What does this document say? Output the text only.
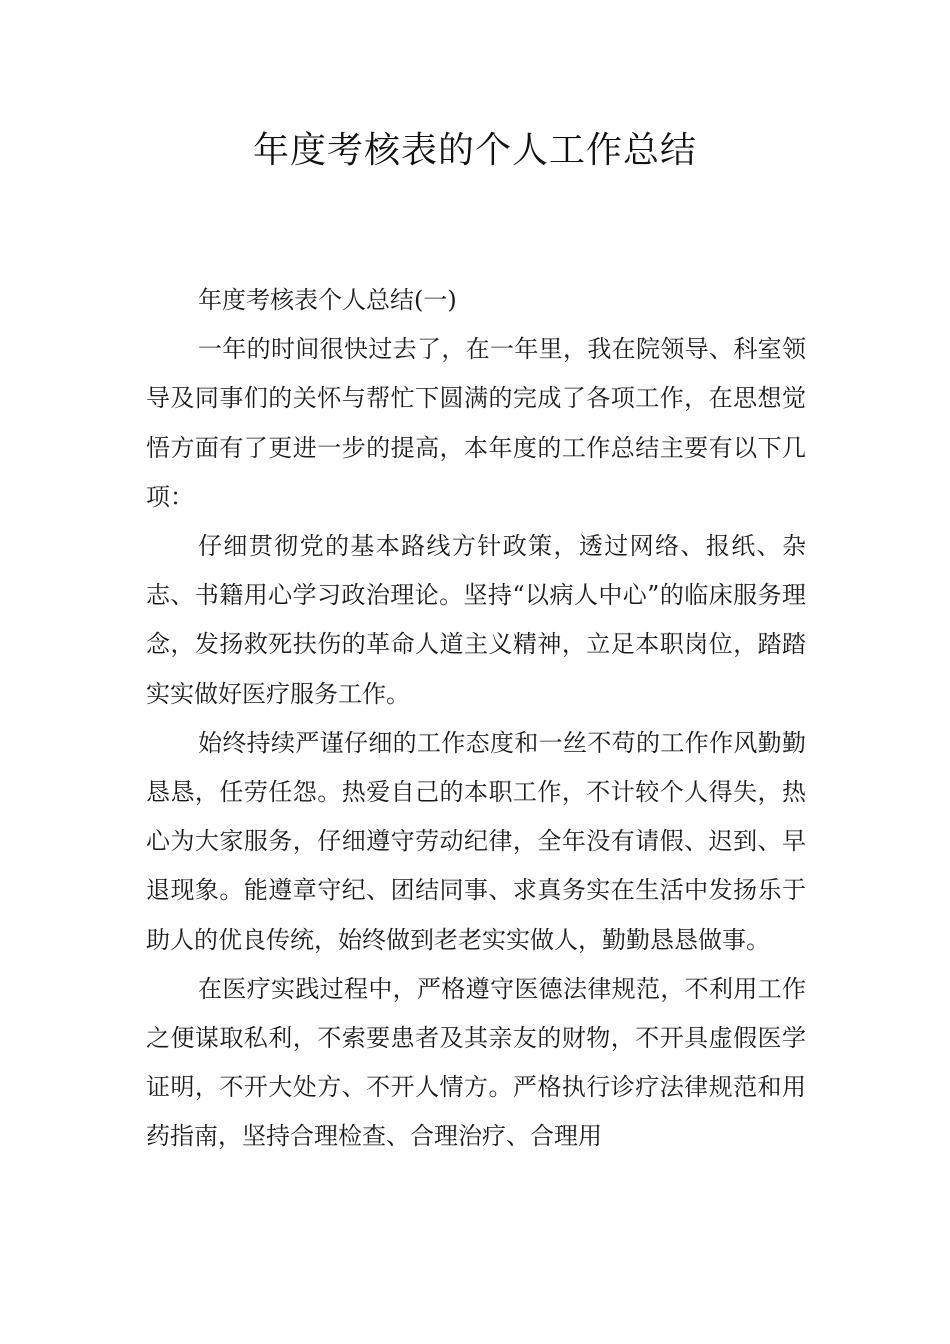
年度考核表的个人工作总结

年度考核表个人总结(一)

一年的时间很快过去了，在一年里，我在院领导、科室领导及同事们的关怀与帮忙下圆满的完成了各项工作，在思想觉悟方面有了更进一步的提高，本年度的工作总结主要有以下几项：

仔细贯彻党的基本路线方针政策，透过网络、报纸、杂志、书籍用心学习政治理论。坚持“以病人中心”的临床服务理念，发扬救死扶伤的革命人道主义精神，立足本职岗位，踏踏实实做好医疗服务工作。

始终持续严谨仔细的工作态度和一丝不苟的工作作风勤勤恳恳，任劳任怨。热爱自己的本职工作，不计较个人得失，热心为大家服务，仔细遵守劳动纪律，全年没有请假、迟到、早退现象。能遵章守纪、团结同事、求真务实在生活中发扬乐于助人的优良传统，始终做到老老实实做人，勤勤恳恳做事。

在医疗实践过程中，严格遵守医德法律规范，不利用工作之便谋取私利，不索要患者及其亲友的财物，不开具虚假医学证明，不开大处方、不开人情方。严格执行诊疗法律规范和用药指南，坚持合理检查、合理治疗、合理用
